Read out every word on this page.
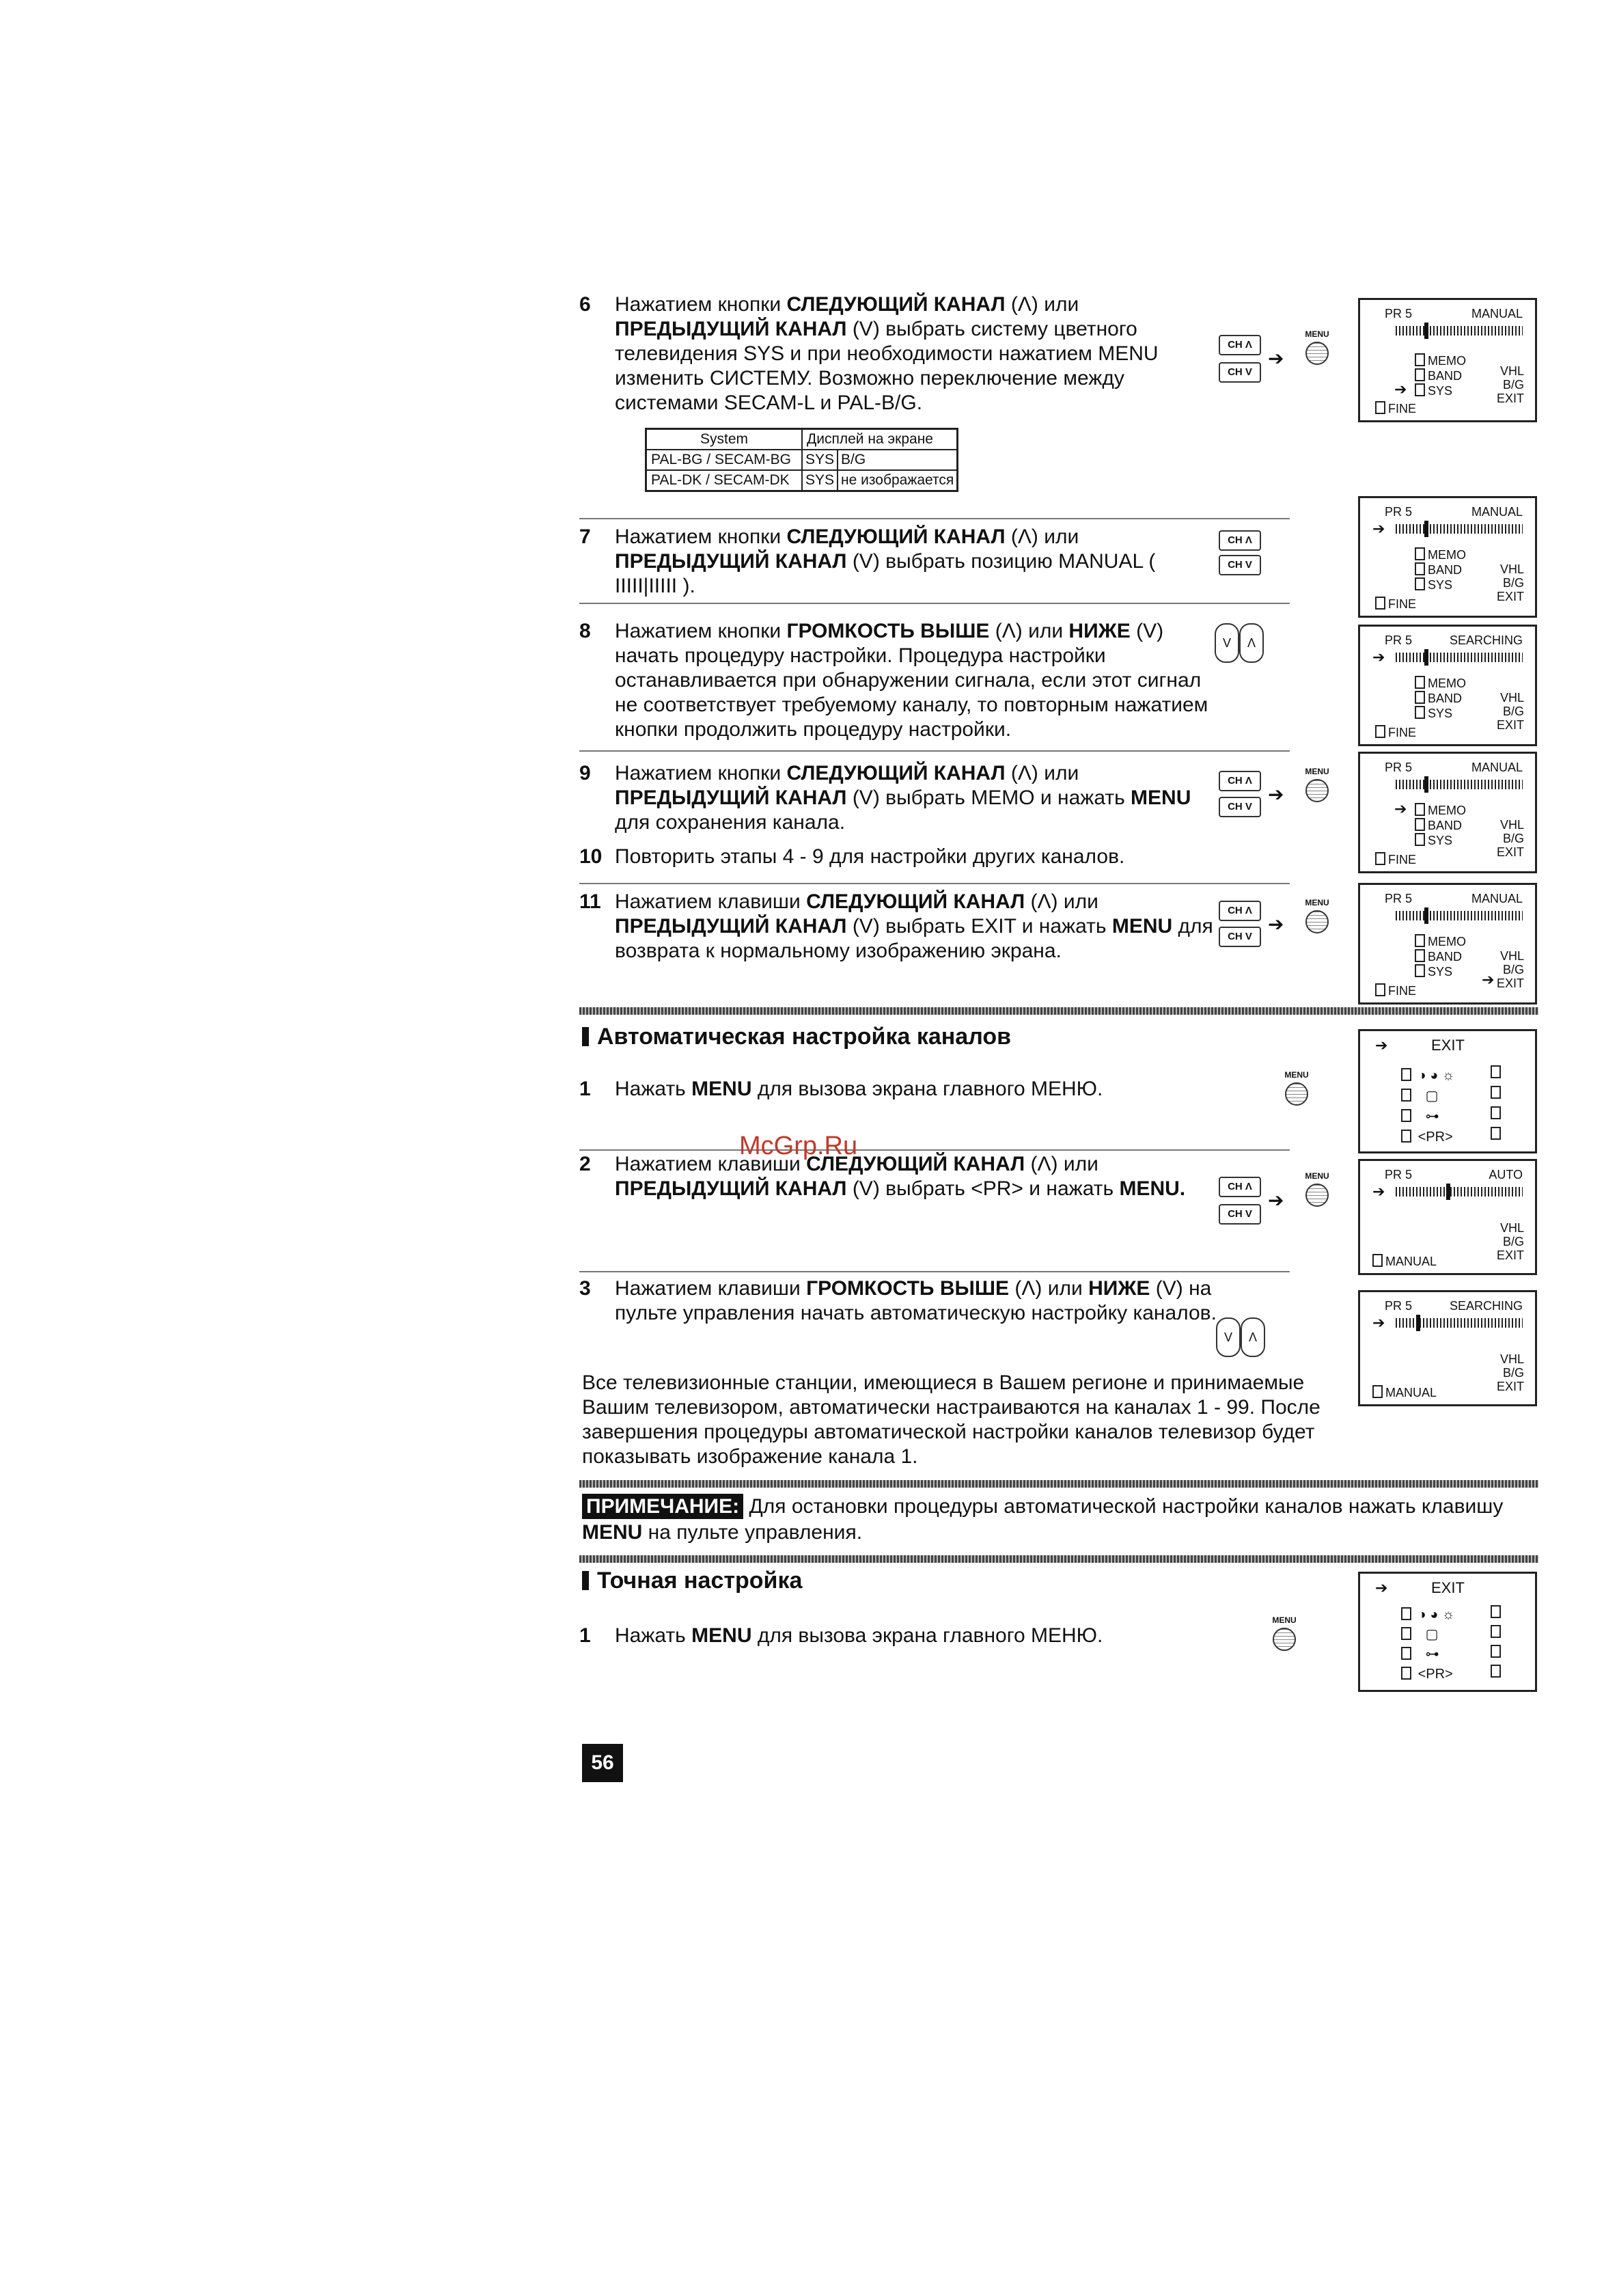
6 Нажатием кнопки СЛЕДУЮЩИЙ КАНАЛ (Λ) или ПРЕДЫДУЩИЙ КАНАЛ (V) выбрать систему цветного телевидения SYS и при необходимости нажатием MENU изменить СИСТЕМУ. Возможно переключение между системами SECAM-L и PAL-B/G.
System	Дисплей на экране	
PAL-BG / SECAM-BG	SYS	B/G
PAL-DK / SECAM-DK	SYS	не изображается
7 Нажатием кнопки СЛЕДУЮЩИЙ КАНАЛ (Λ) или ПРЕДЫДУЩИЙ КАНАЛ (V) выбрать позицию MANUAL ( IIIII|IIIII ).
8 Нажатием кнопки ГРОМКОСТЬ ВЫШЕ (Λ) или НИЖЕ (V) начать процедуру настройки. Процедура настройки останавливается при обнаружении сигнала, если этот сигнал не соответствует требуемому каналу, то повторным нажатием кнопки продолжить процедуру настройки.
9 Нажатием кнопки СЛЕДУЮЩИЙ КАНАЛ (Λ) или ПРЕДЫДУЩИЙ КАНАЛ (V) выбрать MEMO и нажать MENU для сохранения канала.
10 Повторить этапы 4 - 9 для настройки других каналов.
11 Нажатием клавиши СЛЕДУЮЩИЙ КАНАЛ (Λ) или ПРЕДЫДУЩИЙ КАНАЛ (V) выбрать EXIT и нажать MENU для возврата к нормальному изображению экрана.
Автоматическая настройка каналов
1 Нажать MENU для вызова экрана главного МЕНЮ.
2 Нажатием клавиши СЛЕДУЮЩИЙ КАНАЛ (Λ) или ПРЕДЫДУЩИЙ КАНАЛ (V) выбрать <PR> и нажать MENU.
McGrp.Ru
3 Нажатием клавиши ГРОМКОСТЬ ВЫШЕ (Λ) или НИЖЕ (V) на пульте управления начать автоматическую настройку каналов.
Все телевизионные станции, имеющиеся в Вашем регионе и принимаемые Вашим телевизором, автоматически настраиваются на каналах 1 - 99. После завершения процедуры автоматической настройки каналов телевизор будет показывать изображение канала 1.
ПРИМЕЧАНИЕ: Для остановки процедуры автоматической настройки каналов нажать клавишу MENU на пульте управления.
Точная настройка
1 Нажать MENU для вызова экрана главного МЕНЮ.
56
CH Λ
CH V
➔
MENU
CH Λ
CH V
V	Λ
CH Λ
CH V
➔
MENU
CH Λ
CH V
➔
MENU
MENU
CH Λ
CH V
➔
MENU
V	Λ
MENU
PR 5	MANUAL
MEMO
BAND
SYS
➔
VHL
B/G
EXIT
FINE
PR 5	MANUAL
➔
MEMO
BAND
SYS
VHL
B/G
EXIT
FINE
PR 5	SEARCHING
➔
MEMO
BAND
SYS
VHL
B/G
EXIT
FINE
PR 5	MANUAL
➔	MEMO
BAND
SYS
VHL
B/G
EXIT
FINE
PR 5	MANUAL
MEMO
BAND
SYS	➔
VHL
B/G
EXIT
FINE
➔	EXIT
◑ ◕ ☼
▢
⊶
<PR>
PR 5	AUTO
➔
VHL
B/G
EXIT
MANUAL
PR 5	SEARCHING
➔
VHL
B/G
EXIT
MANUAL
➔	EXIT
◑ ◕ ☼
▢
⊶
<PR>
